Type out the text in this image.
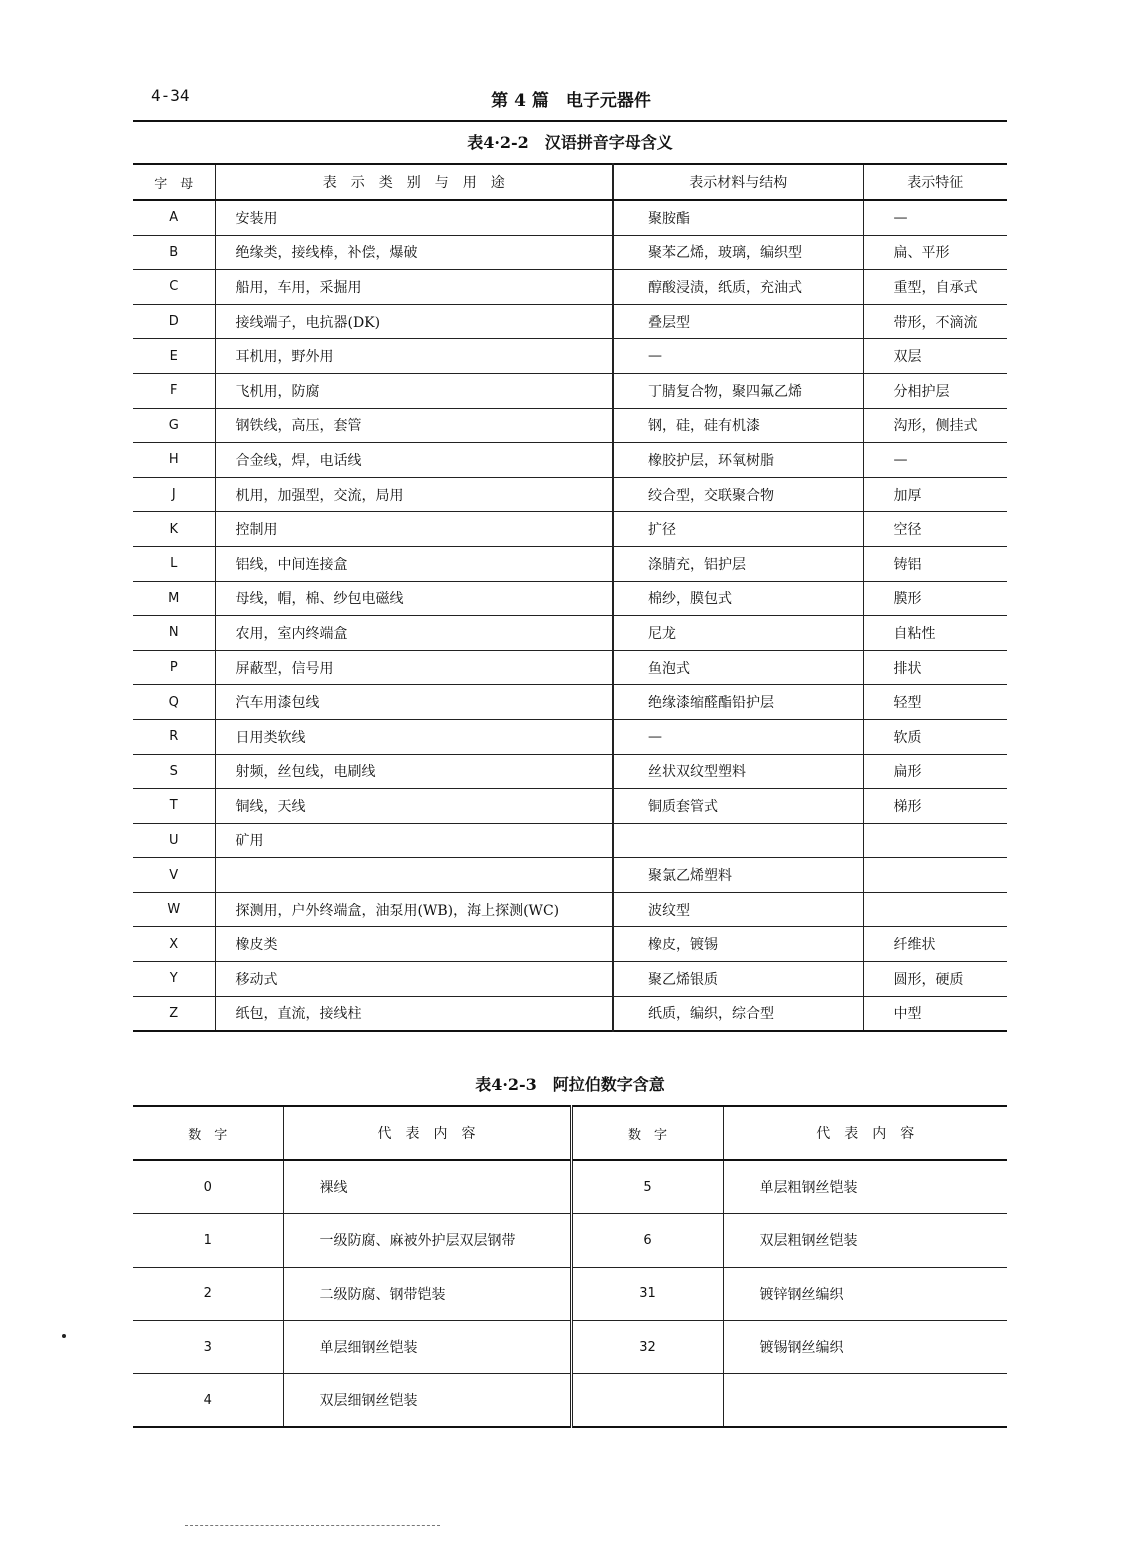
4-34	第 4 篇　电子元器件
表4·2-2　汉语拼音字母含义
字　母	表　示　类　别　与　用　途	表示材料与结构	表示特征
A	安装用	聚胺酯	—
B	绝缘类，接线棒，补偿，爆破	聚苯乙烯，玻璃，编织型	扁、平形
C	船用，车用，采掘用	醇酸浸渍，纸质，充油式	重型，自承式
D	接线端子，电抗器(DK)	叠层型	带形，不滴流
E	耳机用，野外用	—	双层
F	飞机用，防腐	丁腈复合物，聚四氟乙烯	分相护层
G	钢铁线，高压，套管	钢，硅，硅有机漆	沟形，侧挂式
H	合金线，焊，电话线	橡胶护层，环氧树脂	—
J	机用，加强型，交流，局用	绞合型，交联聚合物	加厚
K	控制用	扩径	空径
L	铝线，中间连接盒	涤腈充，铝护层	铸铝
M	母线，帽，棉、纱包电磁线	棉纱，膜包式	膜形
N	农用，室内终端盒	尼龙	自粘性
P	屏蔽型，信号用	鱼泡式	排状
Q	汽车用漆包线	绝缘漆缩醛酯铅护层	轻型
R	日用类软线	—	软质
S	射频，丝包线，电刷线	丝状双纹型塑料	扁形
T	铜线，天线	铜质套管式	梯形
U	矿用		
V		聚氯乙烯塑料	
W	探测用，户外终端盒，油泵用(WB)，海上探测(WC)	波纹型	
X	橡皮类	橡皮，镀锡	纤维状
Y	移动式	聚乙烯银质	圆形，硬质
Z	纸包，直流，接线柱	纸质，编织，综合型	中型
表4·2-3　阿拉伯数字含意
数　字	代　表　内　容	数　字	代　表　内　容
0	裸线	5	单层粗钢丝铠装
1	一级防腐、麻被外护层双层钢带	6	双层粗钢丝铠装
2	二级防腐、钢带铠装	31	镀锌钢丝编织
3	单层细钢丝铠装	32	镀锡钢丝编织
4	双层细钢丝铠装		
